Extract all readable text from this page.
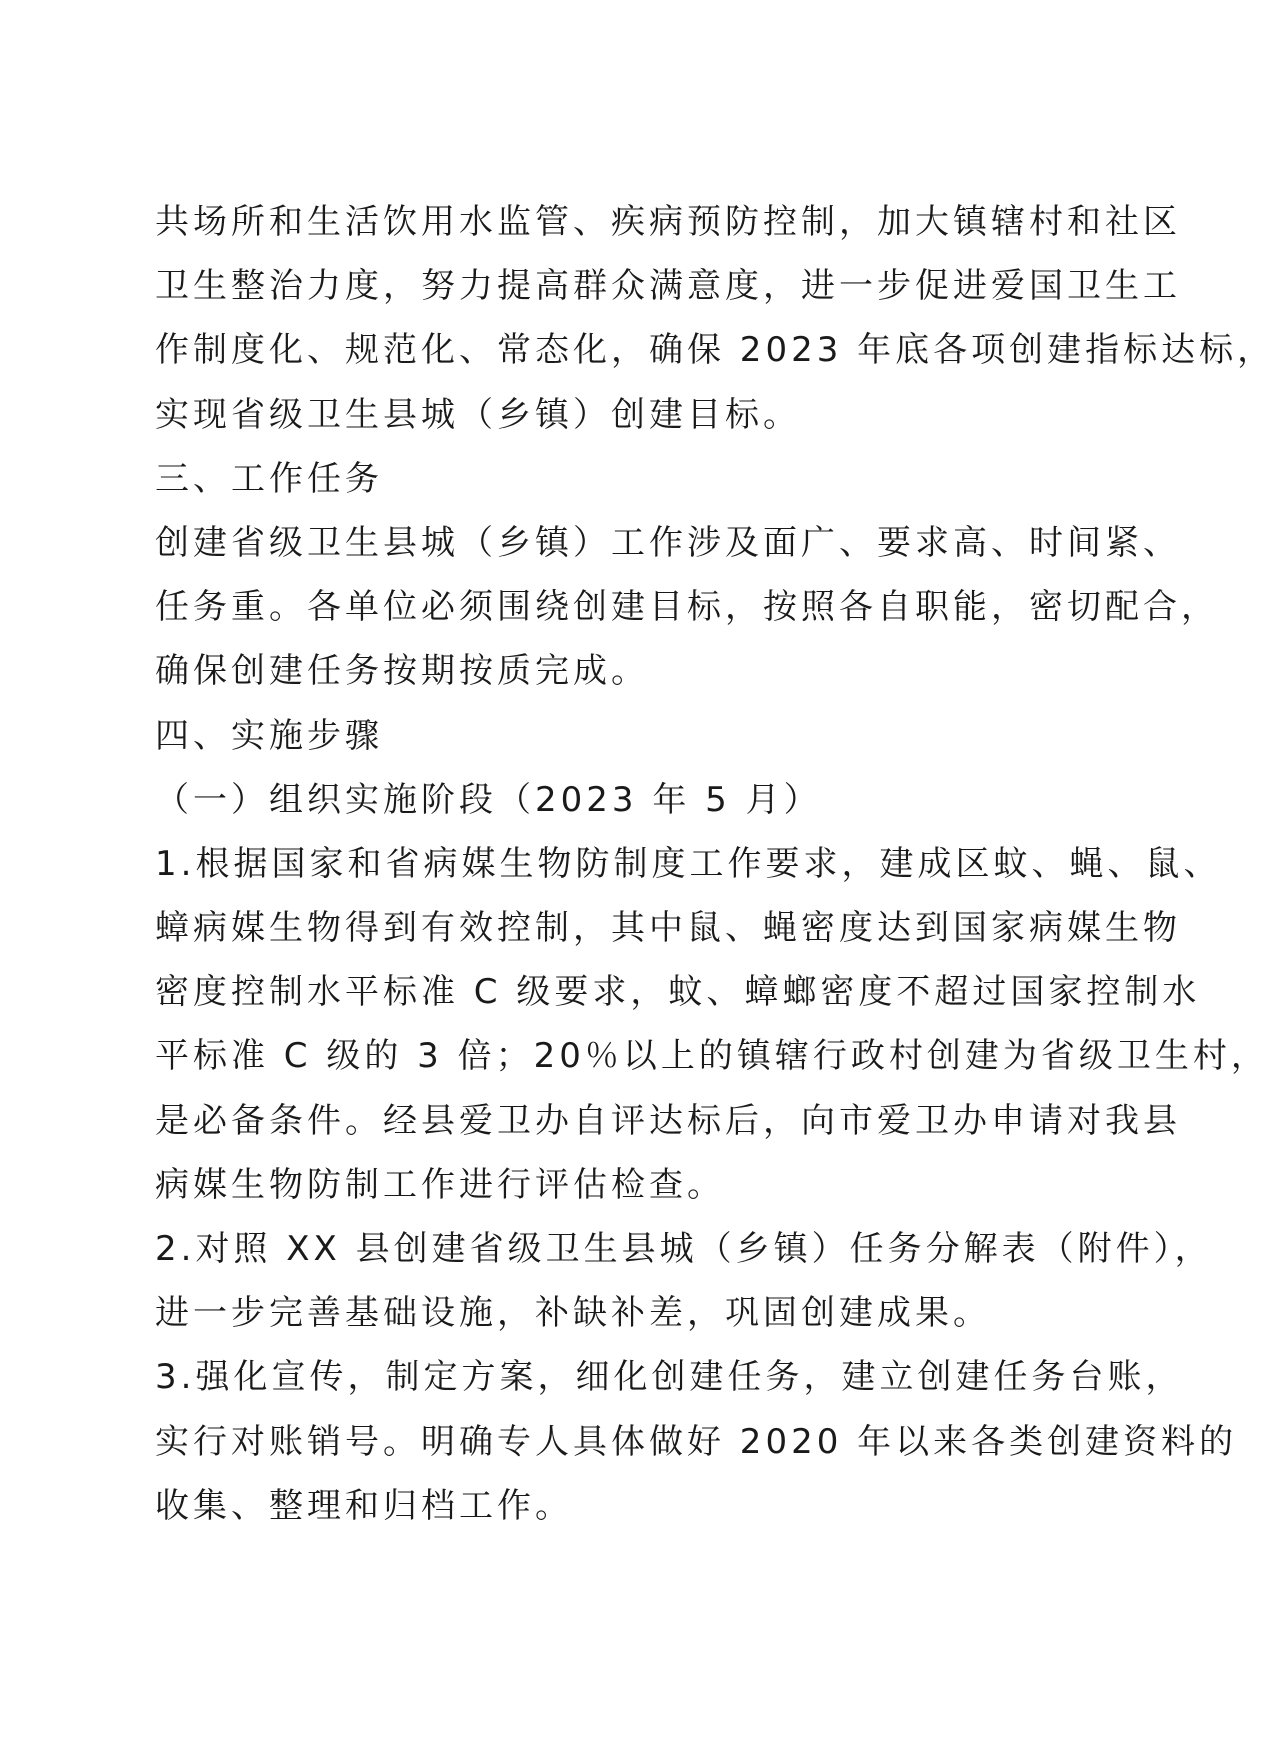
共场所和生活饮用水监管、疾病预防控制，加大镇辖村和社区
卫生整治力度，努力提高群众满意度，进一步促进爱国卫生工
作制度化、规范化、常态化，确保 2023 年底各项创建指标达标，
实现省级卫生县城（乡镇）创建目标。
三、工作任务
创建省级卫生县城（乡镇）工作涉及面广、要求高、时间紧、
任务重。各单位必须围绕创建目标，按照各自职能，密切配合，
确保创建任务按期按质完成。
四、实施步骤
（一）组织实施阶段（2023 年 5 月）
1.根据国家和省病媒生物防制度工作要求，建成区蚊、蝇、鼠、
蟑病媒生物得到有效控制，其中鼠、蝇密度达到国家病媒生物
密度控制水平标准 C 级要求，蚊、蟑螂密度不超过国家控制水
平标准 C 级的 3 倍；20％以上的镇辖行政村创建为省级卫生村，
是必备条件。经县爱卫办自评达标后，向市爱卫办申请对我县
病媒生物防制工作进行评估检查。
2.对照 XX 县创建省级卫生县城（乡镇）任务分解表（附件），
进一步完善基础设施，补缺补差，巩固创建成果。
3.强化宣传，制定方案，细化创建任务，建立创建任务台账，
实行对账销号。明确专人具体做好 2020 年以来各类创建资料的
收集、整理和归档工作。
